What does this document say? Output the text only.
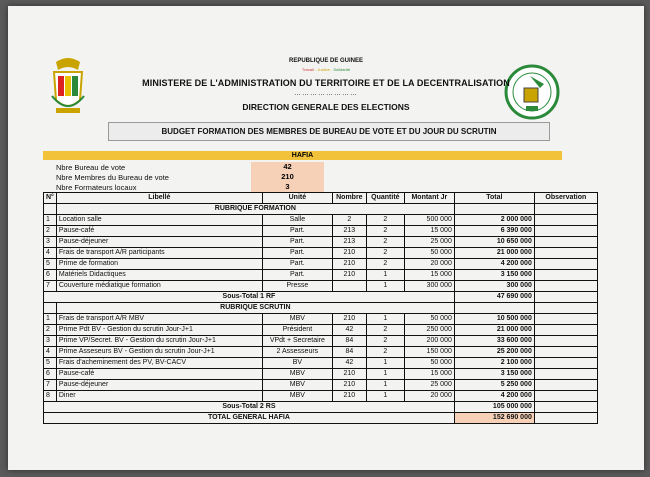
REPUBLIQUE DE GUINEE
Travail - Justice - Solidarité
MINISTERE DE L'ADMINISTRATION DU TERRITOIRE ET DE LA DECENTRALISATION
……………………
DIRECTION GENERALE DES ELECTIONS
BUDGET FORMATION DES MEMBRES DE BUREAU DE VOTE ET DU JOUR DU SCRUTIN
HAFIA
Nbre Bureau de vote	42
Nbre Membres du Bureau de vote	210
Nbre Formateurs locaux	3
N°	Libellé	Unité	Nombre	Quantité	Montant Jr	Total	Observation
	RUBRIQUE FORMATION						
1	Location salle	Salle	2	2	500 000	2 000 000	
2	Pause-café	Part.	213	2	15 000	6 390 000	
3	Pause-déjeuner	Part.	213	2	25 000	10 650 000	
4	Frais de transport A/R participants	Part.	210	2	50 000	21 000 000	
5	Prime de formation	Part.	210	2	20 000	4 200 000	
6	Matériels Didactiques	Part.	210	1	15 000	3 150 000	
7	Couverture médiatique formation	Presse		1	300 000	300 000	
Sous-Total 1 RF						47 690 000	
	RUBRIQUE SCRUTIN						
1	Frais de transport A/R MBV	MBV	210	1	50 000	10 500 000	
2	Prime Pdt BV - Gestion du scrutin Jour-J+1	Président	42	2	250 000	21 000 000	
3	Prime VP/Secret. BV - Gestion du scrutin Jour-J+1	VPdt + Secretaire	84	2	200 000	33 600 000	
4	Prime Asseseurs BV - Gestion du scrutin Jour-J+1	2 Assesseurs	84	2	150 000	25 200 000	
5	Frais d'acheminement des PV, BV-CACV	BV	42	1	50 000	2 100 000	
6	Pause-café	MBV	210	1	15 000	3 150 000	
7	Pause-déjeuner	MBV	210	1	25 000	5 250 000	
8	Diner	MBV	210	1	20 000	4 200 000	
Sous-Total 2 RS						105 000 000	
TOTAL GENERAL HAFIA						152 690 000	
